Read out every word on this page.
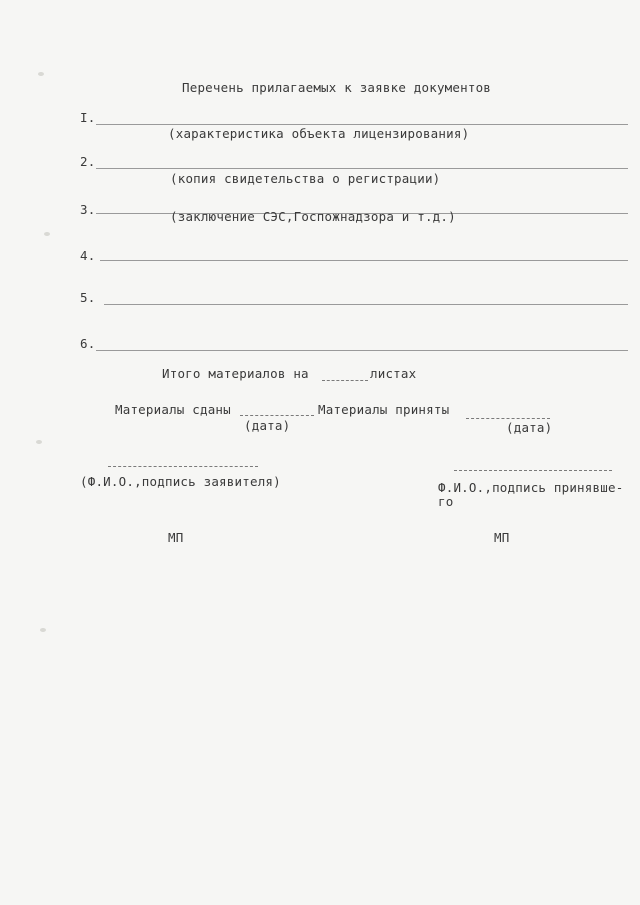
Перечень прилагаемых к заявке документов
I.
(характеристика объекта лицензирования)
2.
(копия свидетельства о регистрации)
3.	(заключение СЭС,Госпожнадзора и т.д.)
4.
5.
6.
Итого материалов на	листах
Материалы сданы
(дата)
Материалы приняты
(дата)
(Ф.И.О.,подпись заявителя)	Ф.И.О.,подпись принявше-
го
МП	МП
